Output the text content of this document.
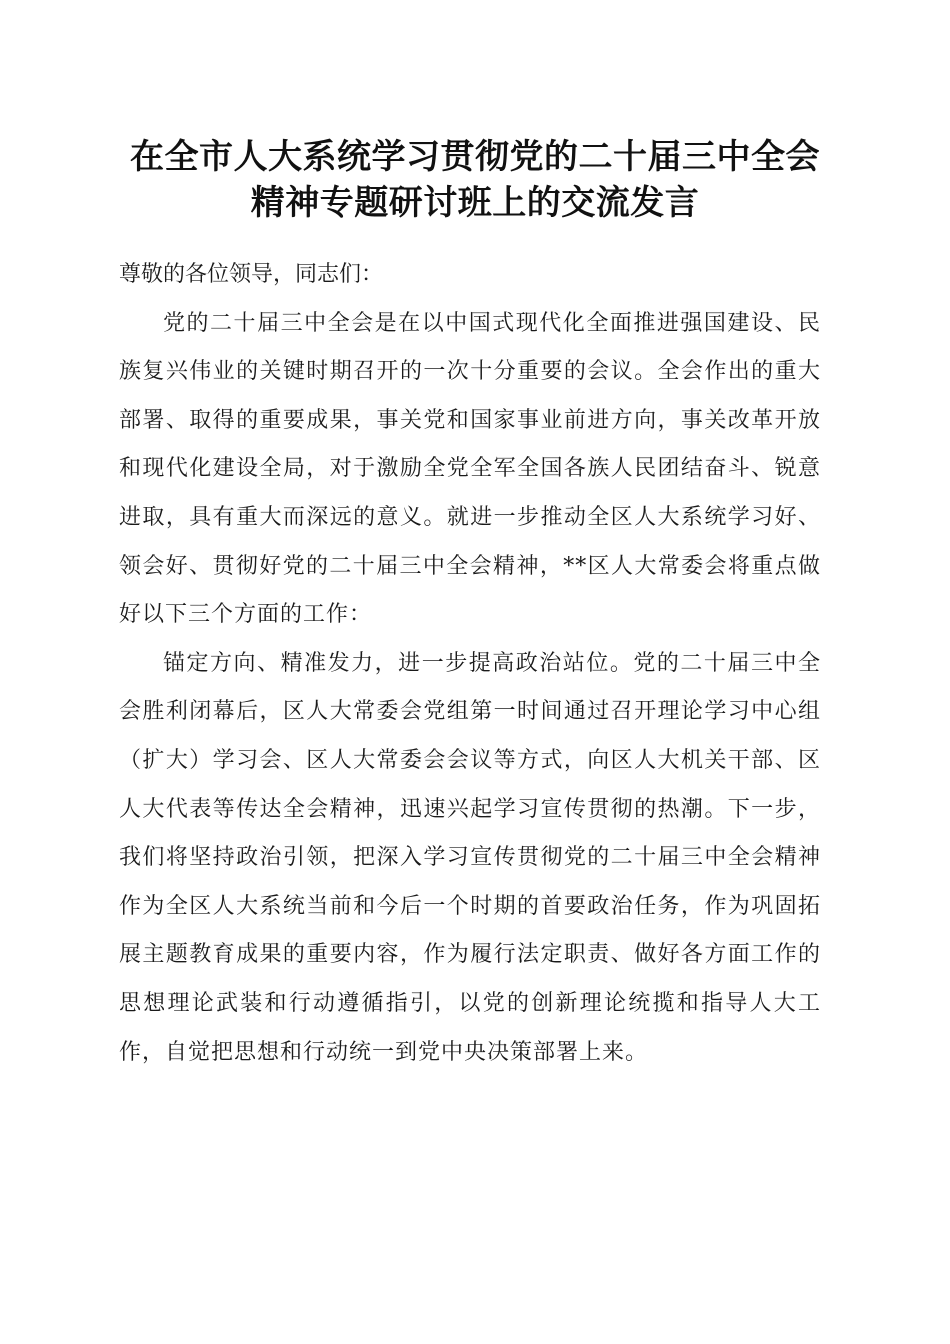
在全市人大系统学习贯彻党的二十届三中全会
精神专题研讨班上的交流发言

尊敬的各位领导，同志们：

党的二十届三中全会是在以中国式现代化全面推进强国建设、民族复兴伟业的关键时期召开的一次十分重要的会议。全会作出的重大部署、取得的重要成果，事关党和国家事业前进方向，事关改革开放和现代化建设全局，对于激励全党全军全国各族人民团结奋斗、锐意进取，具有重大而深远的意义。就进一步推动全区人大系统学习好、领会好、贯彻好党的二十届三中全会精神，**区人大常委会将重点做好以下三个方面的工作：

锚定方向、精准发力，进一步提高政治站位。党的二十届三中全会胜利闭幕后，区人大常委会党组第一时间通过召开理论学习中心组（扩大）学习会、区人大常委会会议等方式，向区人大机关干部、区人大代表等传达全会精神，迅速兴起学习宣传贯彻的热潮。下一步，我们将坚持政治引领，把深入学习宣传贯彻党的二十届三中全会精神作为全区人大系统当前和今后一个时期的首要政治任务，作为巩固拓展主题教育成果的重要内容，作为履行法定职责、做好各方面工作的思想理论武装和行动遵循指引，以党的创新理论统揽和指导人大工作，自觉把思想和行动统一到党中央决策部署上来。
